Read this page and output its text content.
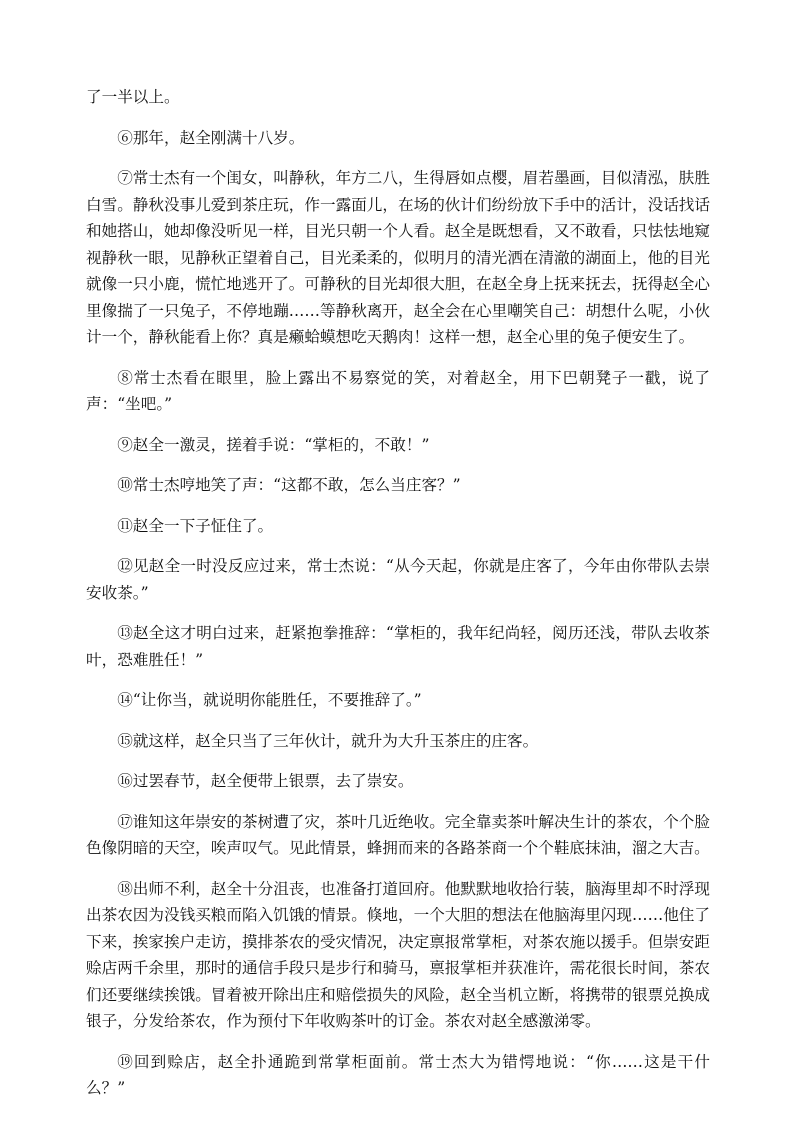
了一半以上。

⑥那年，赵全刚满十八岁。

⑦常士杰有一个闺女，叫静秋，年方二八，生得唇如点樱，眉若墨画，目似清泓，肤胜白雪。静秋没事儿爱到茶庄玩，作一露面儿，在场的伙计们纷纷放下手中的活计，没话找话和她搭山，她却像没听见一样，目光只朝一个人看。赵全是既想看，又不敢看，只怯怯地窥视静秋一眼，见静秋正望着自己，目光柔柔的，似明月的清光洒在清澈的湖面上，他的目光就像一只小鹿，慌忙地逃开了。可静秋的目光却很大胆，在赵全身上抚来抚去，抚得赵全心里像揣了一只兔子，不停地蹦……等静秋离开，赵全会在心里嘲笑自己：胡想什么呢，小伙计一个，静秋能看上你？真是癞蛤蟆想吃天鹅肉！这样一想，赵全心里的兔子便安生了。

⑧常士杰看在眼里，脸上露出不易察觉的笑，对着赵全，用下巴朝凳子一戳，说了声：“坐吧。”

⑨赵全一激灵，搓着手说：“掌柜的，不敢！”

⑩常士杰哼地笑了声：“这都不敢，怎么当庄客？”

⑪赵全一下子怔住了。

⑫见赵全一时没反应过来，常士杰说：“从今天起，你就是庄客了，今年由你带队去崇安收茶。”

⑬赵全这才明白过来，赶紧抱拳推辞：“掌柜的，我年纪尚轻，阅历还浅，带队去收茶叶，恐难胜任！”

⑭“让你当，就说明你能胜任，不要推辞了。”

⑮就这样，赵全只当了三年伙计，就升为大升玉茶庄的庄客。

⑯过罢春节，赵全便带上银票，去了崇安。

⑰谁知这年崇安的茶树遭了灾，茶叶几近绝收。完全靠卖茶叶解决生计的茶农，个个脸色像阴暗的天空，唉声叹气。见此情景，蜂拥而来的各路茶商一个个鞋底抹油，溜之大吉。

⑱出师不利，赵全十分沮丧，也准备打道回府。他默默地收拾行装，脑海里却不时浮现出茶农因为没钱买粮而陷入饥饿的情景。倏地，一个大胆的想法在他脑海里闪现……他住了下来，挨家挨户走访，摸排茶农的受灾情况，决定禀报常掌柜，对茶农施以援手。但崇安距赊店两千余里，那时的通信手段只是步行和骑马，禀报掌柜并获准许，需花很长时间，茶农们还要继续挨饿。冒着被开除出庄和赔偿损失的风险，赵全当机立断，将携带的银票兑换成银子，分发给茶农，作为预付下年收购茶叶的订金。茶农对赵全感激涕零。

⑲回到赊店，赵全扑通跪到常掌柜面前。常士杰大为错愕地说：“你……这是干什么？”
